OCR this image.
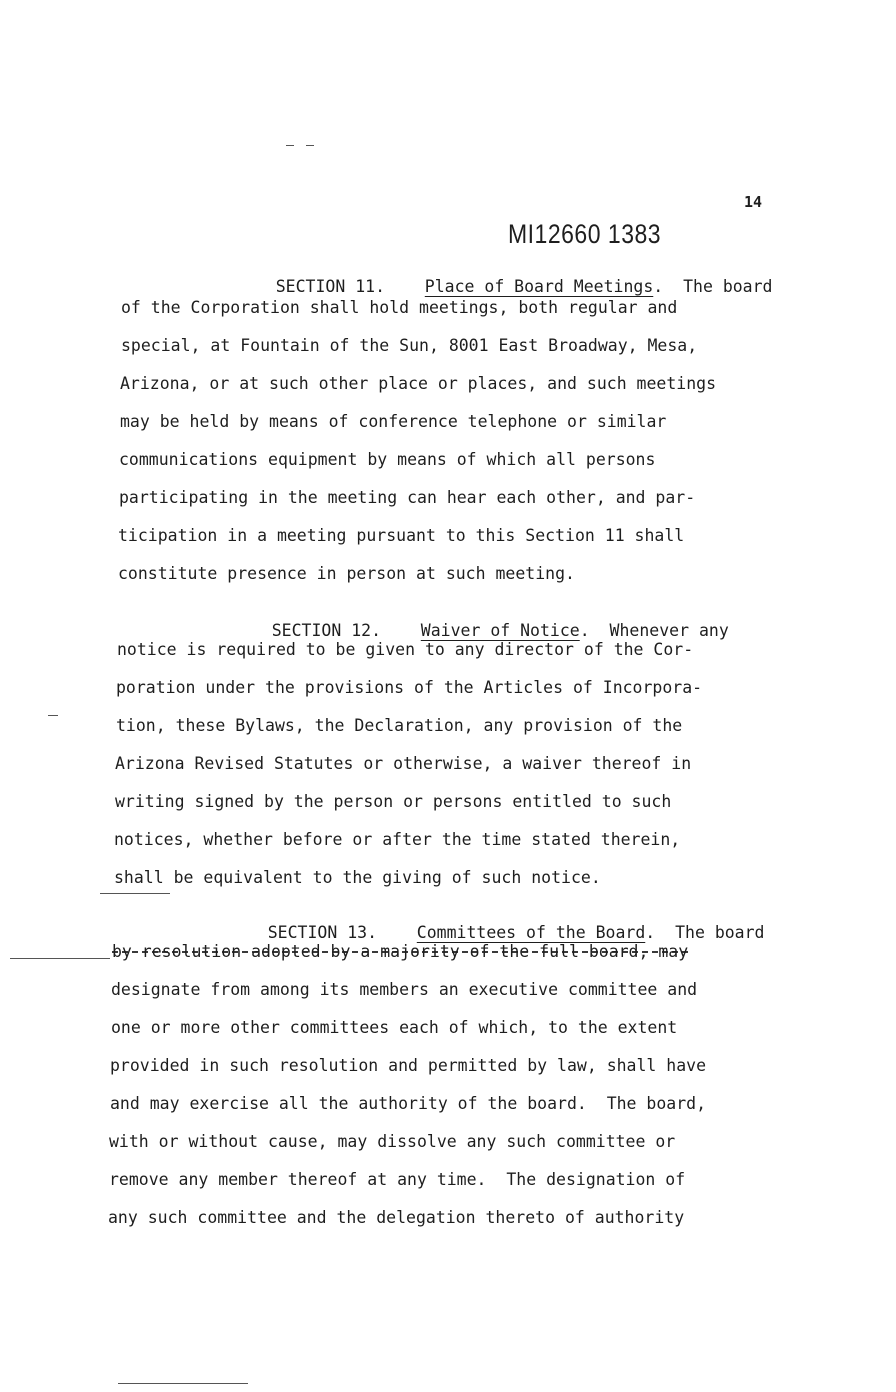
14
MI12660 1383

SECTION 11. Place of Board Meetings.  The board

of the Corporation shall hold meetings, both regular and
special, at Fountain of the Sun, 8001 East Broadway, Mesa,
Arizona, or at such other place or places, and such meetings
may be held by means of conference telephone or similar
communications equipment by means of which all persons
participating in the meeting can hear each other, and par-
ticipation in a meeting pursuant to this Section 11 shall
constitute presence in person at such meeting.

SECTION 12. Waiver of Notice.  Whenever any

notice is required to be given to any director of the Cor-
poration under the provisions of the Articles of Incorpora-
tion, these Bylaws, the Declaration, any provision of the
Arizona Revised Statutes or otherwise, a waiver thereof in
writing signed by the person or persons entitled to such
notices, whether before or after the time stated therein,
shall be equivalent to the giving of such notice.

SECTION 13. Committees of the Board.  The board

by resolution adopted by a majority of the full board, may
designate from among its members an executive committee and
one or more other committees each of which, to the extent
provided in such resolution and permitted by law, shall have
and may exercise all the authority of the board.  The board,
with or without cause, may dissolve any such committee or
remove any member thereof at any time.  The designation of
any such committee and the delegation thereto of authority
